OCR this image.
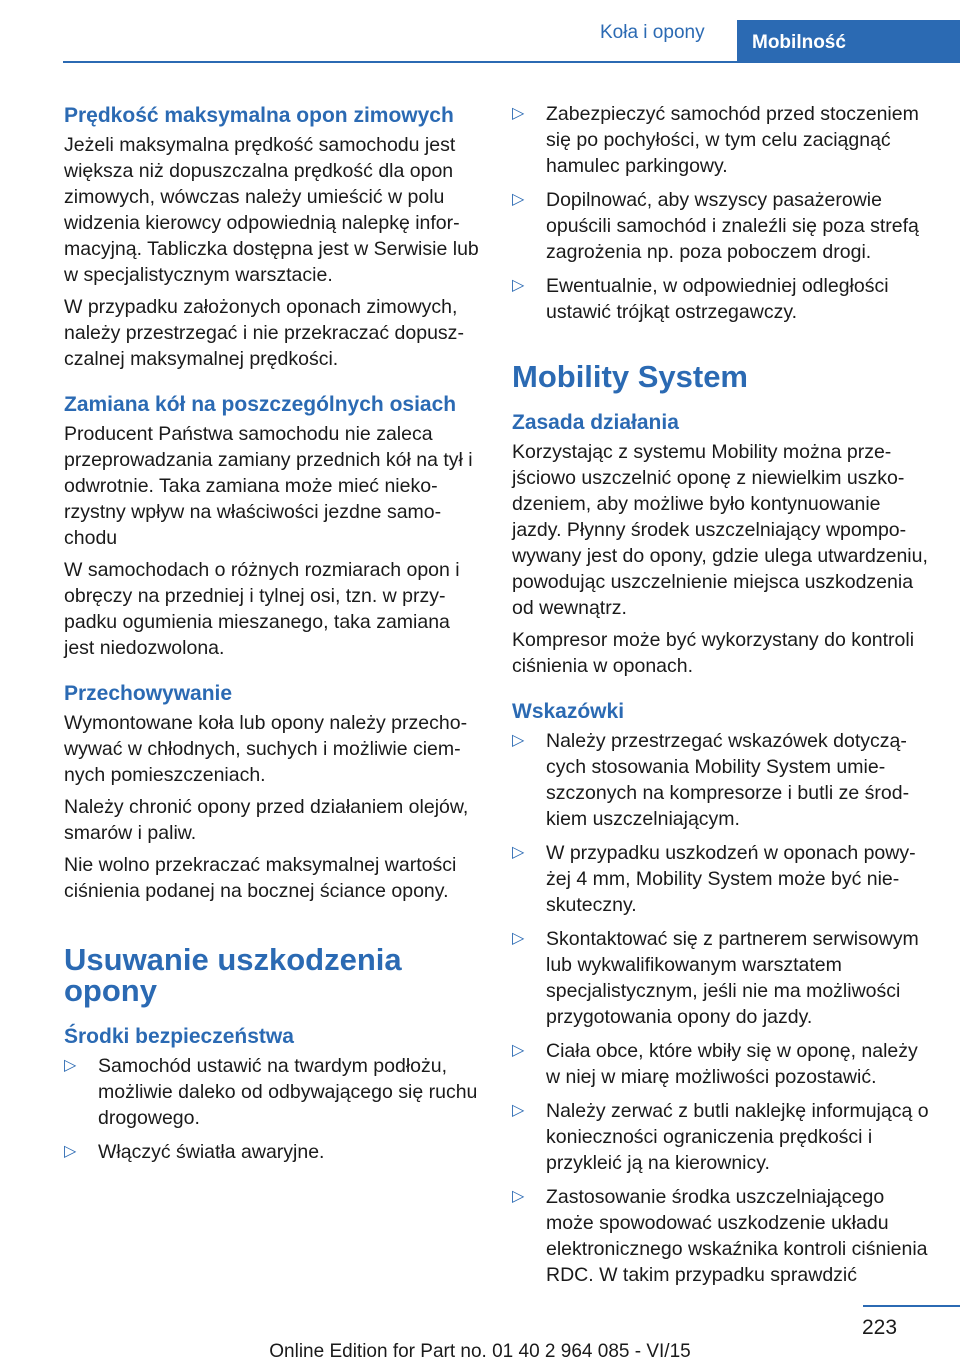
Koła i opony	Mobilność
Prędkość maksymalna opon zimowych

Jeżeli maksymalna prędkość samochodu jest większa niż dopuszczalna prędkość dla opon zimowych, wówczas należy umieścić w polu widzenia kierowcy odpowiednią nalepkę informacyjną. Tabliczka dostępna jest w Serwisie lub w specjalistycznym warsztacie.

W przypadku założonych oponach zimowych, należy przestrzegać i nie przekraczać dopuszczalnej maksymalnej prędkości.

Zamiana kół na poszczególnych osiach

Producent Państwa samochodu nie zaleca przeprowadzania zamiany przednich kół na tył i odwrotnie. Taka zamiana może mieć niekorzystny wpływ na właściwości jezdne samochodu

W samochodach o różnych rozmiarach opon i obręczy na przedniej i tylnej osi, tzn. w przypadku ogumienia mieszanego, taka zamiana jest niedozwolona.

Przechowywanie

Wymontowane koła lub opony należy przechowywać w chłodnych, suchych i możliwie ciemnych pomieszczeniach.

Należy chronić opony przed działaniem olejów, smarów i paliw.

Nie wolno przekraczać maksymalnej wartości ciśnienia podanej na bocznej ściance opony.

Usuwanie uszkodzenia opony
Środki bezpieczeństwa
▷ Samochód ustawić na twardym podłożu, możliwie daleko od odbywającego się ruchu drogowego.
▷ Włączyć światła awaryjne.
▷ Zabezpieczyć samochód przed stoczeniem się po pochyłości, w tym celu zaciągnąć hamulec parkingowy.
▷ Dopilnować, aby wszyscy pasażerowie opuścili samochód i znaleźli się poza strefą zagrożenia np. poza poboczem drogi.
▷ Ewentualnie, w odpowiedniej odległości ustawić trójkąt ostrzegawczy.
Mobility System
Zasada działania

Korzystając z systemu Mobility można przejściowo uszczelnić oponę z niewielkim uszkodzeniem, aby możliwe było kontynuowanie jazdy. Płynny środek uszczelniający wpompowywany jest do opony, gdzie ulega utwardzeniu, powodując uszczelnienie miejsca uszkodzenia od wewnątrz.

Kompresor może być wykorzystany do kontroli ciśnienia w oponach.

Wskazówki
▷ Należy przestrzegać wskazówek dotyczących stosowania Mobility System umieszczonych na kompresorze i butli ze środkiem uszczelniającym.
▷ W przypadku uszkodzeń w oponach powyżej 4 mm, Mobility System może być nieskuteczny.
▷ Skontaktować się z partnerem serwisowym lub wykwalifikowanym warsztatem specjalistycznym, jeśli nie ma możliwości przygotowania opony do jazdy.
▷ Ciała obce, które wbiły się w oponę, należy w niej w miarę możliwości pozostawić.
▷ Należy zerwać z butli naklejkę informującą o konieczności ograniczenia prędkości i przykleić ją na kierownicy.
▷ Zastosowanie środka uszczelniającego może spowodować uszkodzenie układu elektronicznego wskaźnika kontroli ciśnienia RDC. W takim przypadku sprawdzić
223
Online Edition for Part no. 01 40 2 964 085 - VI/15
